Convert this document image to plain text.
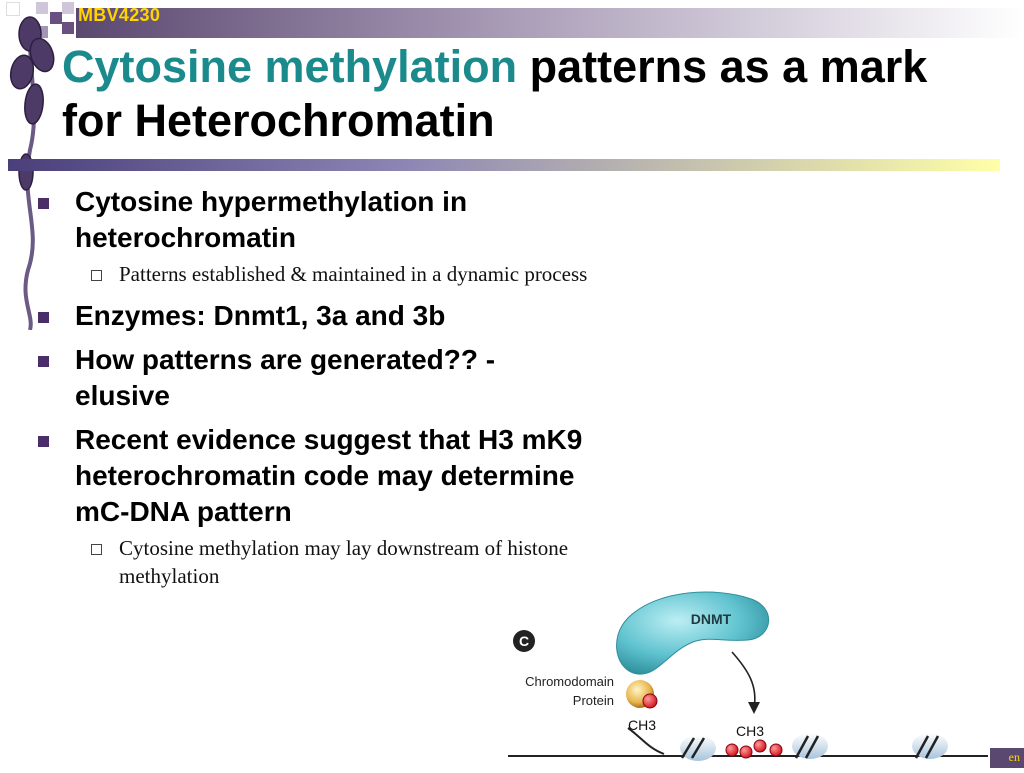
MBV4230
Cytosine methylation patterns as a mark for Heterochromatin
Cytosine hypermethylation in heterochromatin
Patterns established & maintained in a dynamic process
Enzymes: Dnmt1, 3a and 3b
How patterns are generated?? - elusive
Recent evidence suggest that H3 mK9 heterochromatin code may determine mC-DNA pattern
Cytosine methylation may lay downstream of histone methylation
C
DNMT
Chromodomain
Protein
CH3	CH3
en
